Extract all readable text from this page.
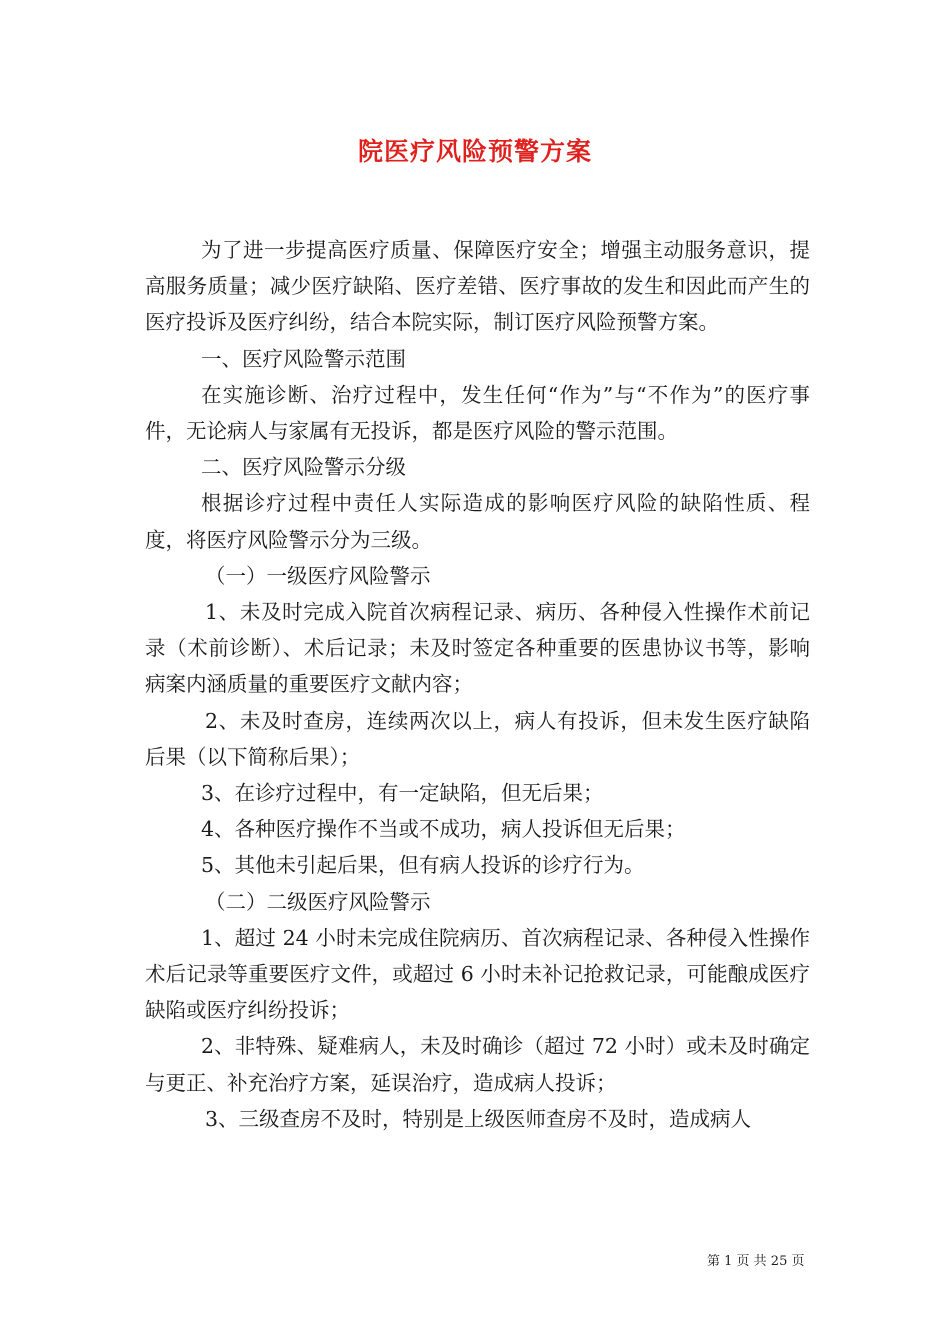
院医疗风险预警方案

为了进一步提高医疗质量、保障医疗安全；增强主动服务意识，提高服务质量；减少医疗缺陷、医疗差错、医疗事故的发生和因此而产生的医疗投诉及医疗纠纷，结合本院实际，制订医疗风险预警方案。

一、医疗风险警示范围

在实施诊断、治疗过程中，发生任何“作为”与“不作为”的医疗事件，无论病人与家属有无投诉，都是医疗风险的警示范围。

二、医疗风险警示分级

根据诊疗过程中责任人实际造成的影响医疗风险的缺陷性质、程度，将医疗风险警示分为三级。

（一）一级医疗风险警示

1、未及时完成入院首次病程记录、病历、各种侵入性操作术前记录（术前诊断）、术后记录；未及时签定各种重要的医患协议书等，影响病案内涵质量的重要医疗文献内容；

2、未及时查房，连续两次以上，病人有投诉，但未发生医疗缺陷后果（以下简称后果）；

3、在诊疗过程中，有一定缺陷，但无后果；

4、各种医疗操作不当或不成功，病人投诉但无后果；

5、其他未引起后果，但有病人投诉的诊疗行为。

（二）二级医疗风险警示

1、超过 24 小时未完成住院病历、首次病程记录、各种侵入性操作术后记录等重要医疗文件，或超过 6 小时未补记抢救记录，可能酿成医疗缺陷或医疗纠纷投诉；

2、非特殊、疑难病人，未及时确诊（超过 72 小时）或未及时确定与更正、补充治疗方案，延误治疗，造成病人投诉；

3、三级查房不及时，特别是上级医师查房不及时，造成病人

第 1 页 共 25 页
